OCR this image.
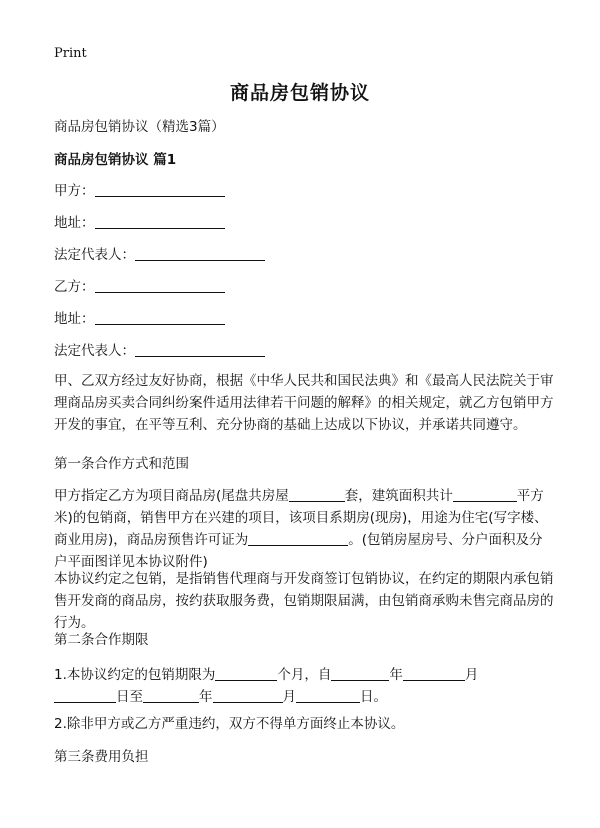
Print
商品房包销协议
商品房包销协议（精选3篇）
商品房包销协议 篇1
甲方：
地址：
法定代表人：
乙方：
地址：
法定代表人：
甲、乙双方经过友好协商，根据《中华人民共和国民法典》和《最高人民法院关于审理商品房买卖合同纠纷案件适用法律若干问题的解释》的相关规定，就乙方包销甲方开发的事宜，在平等互利、充分协商的基础上达成以下协议，并承诺共同遵守。
第一条合作方式和范围
甲方指定乙方为项目商品房(尾盘共房屋	套，建筑面积共计	平方米)的包销商，销售甲方在兴建的项目，该项目系期房(现房)，用途为住宅(写字楼、商业用房)，商品房预售许可证为	。(包销房屋房号、分户面积及分户平面图详见本协议附件)
本协议约定之包销，是指销售代理商与开发商签订包销协议，在约定的期限内承包销售开发商的商品房，按约获取服务费，包销期限届满，由包销商承购未售完商品房的行为。
第二条合作期限
1.本协议约定的包销期限为	个月，自	年	月
日至	年	月	日。
2.除非甲方或乙方严重违约，双方不得单方面终止本协议。
第三条费用负担
